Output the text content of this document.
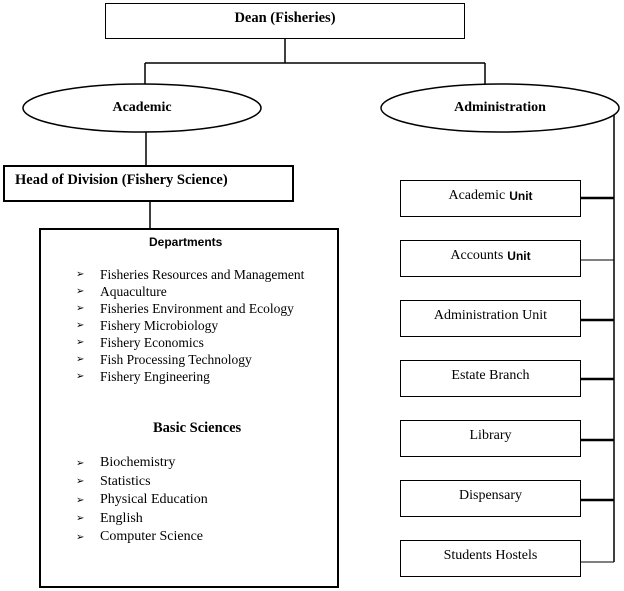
Dean (Fisheries)
Academic	Administration
Head of Division (Fishery Science)
Departments
➢	Fisheries Resources and Management
➢	Aquaculture
➢	Fisheries Environment and Ecology
➢	Fishery Microbiology
➢	Fishery Economics
➢	Fish Processing Technology
➢	Fishery Engineering
Basic Sciences
➢	Biochemistry
➢	Statistics
➢	Physical Education
➢	English
➢	Computer Science
Academic Unit
Accounts Unit
Administration Unit
Estate Branch
Library
Dispensary
Students Hostels
